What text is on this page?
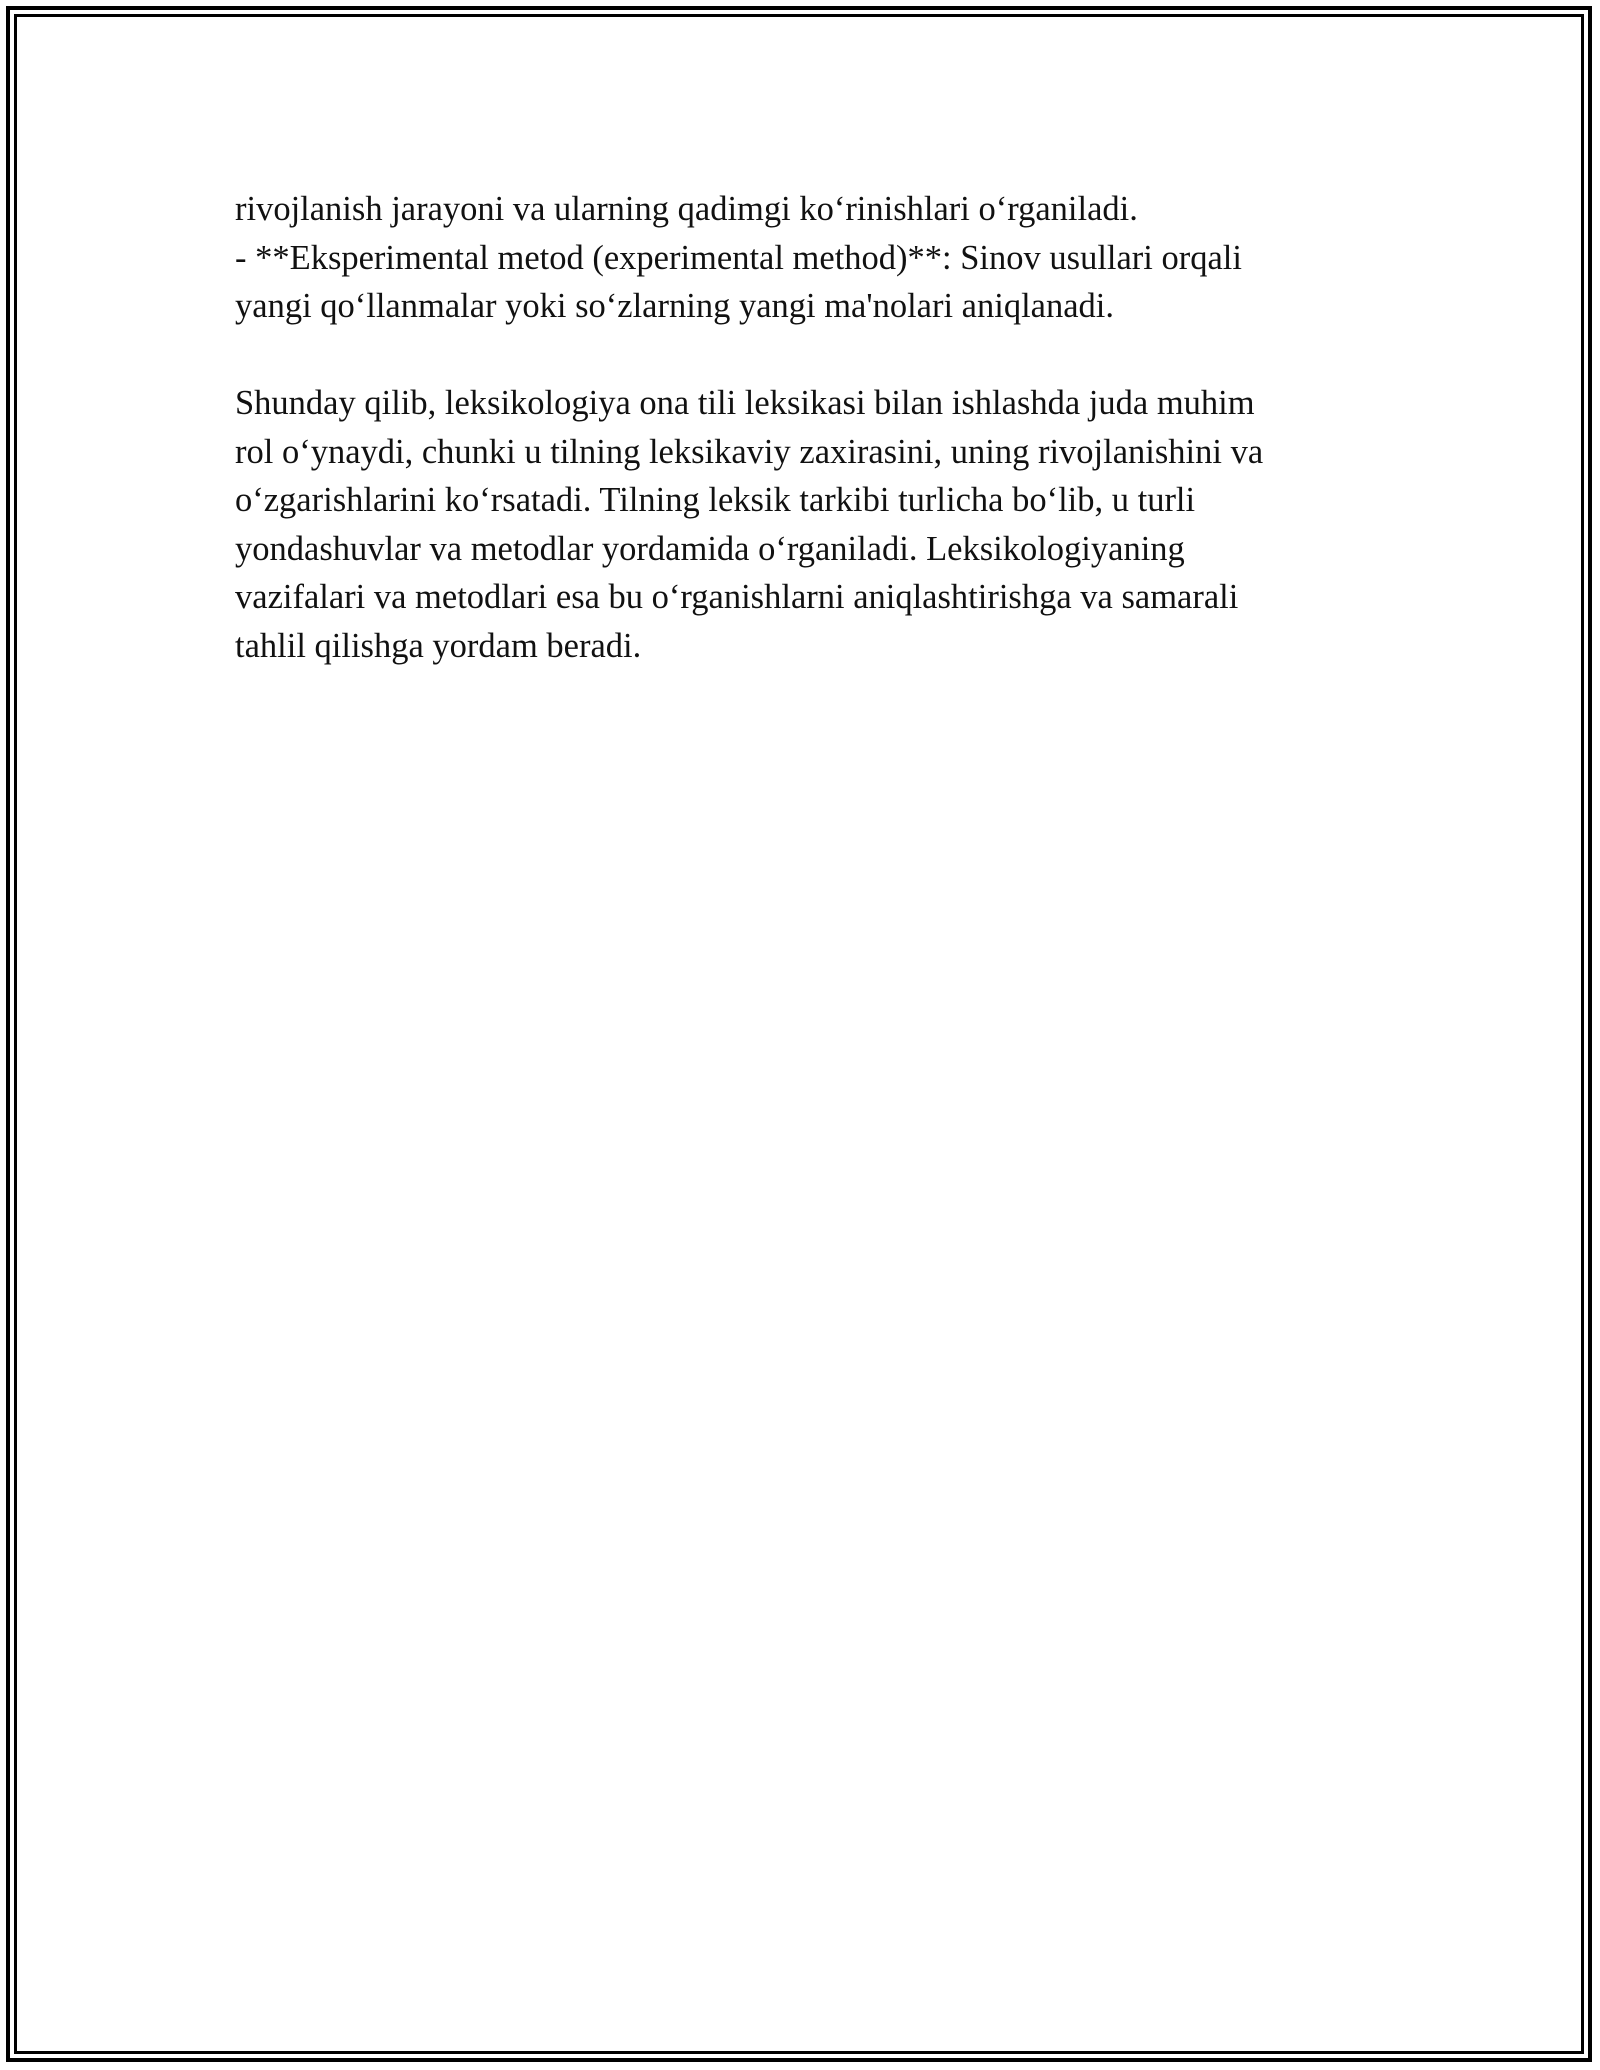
rivojlanish jarayoni va ularning qadimgi ko‘rinishlari o‘rganiladi.

- **Eksperimental metod (experimental method)**: Sinov usullari orqali

yangi qo‘llanmalar yoki so‘zlarning yangi ma'nolari aniqlanadi.

Shunday qilib, leksikologiya ona tili leksikasi bilan ishlashda juda muhim

rol o‘ynaydi, chunki u tilning leksikaviy zaxirasini, uning rivojlanishini va

o‘zgarishlarini ko‘rsatadi. Tilning leksik tarkibi turlicha bo‘lib, u turli

yondashuvlar va metodlar yordamida o‘rganiladi. Leksikologiyaning

vazifalari va metodlari esa bu o‘rganishlarni aniqlashtirishga va samarali

tahlil qilishga yordam beradi.
